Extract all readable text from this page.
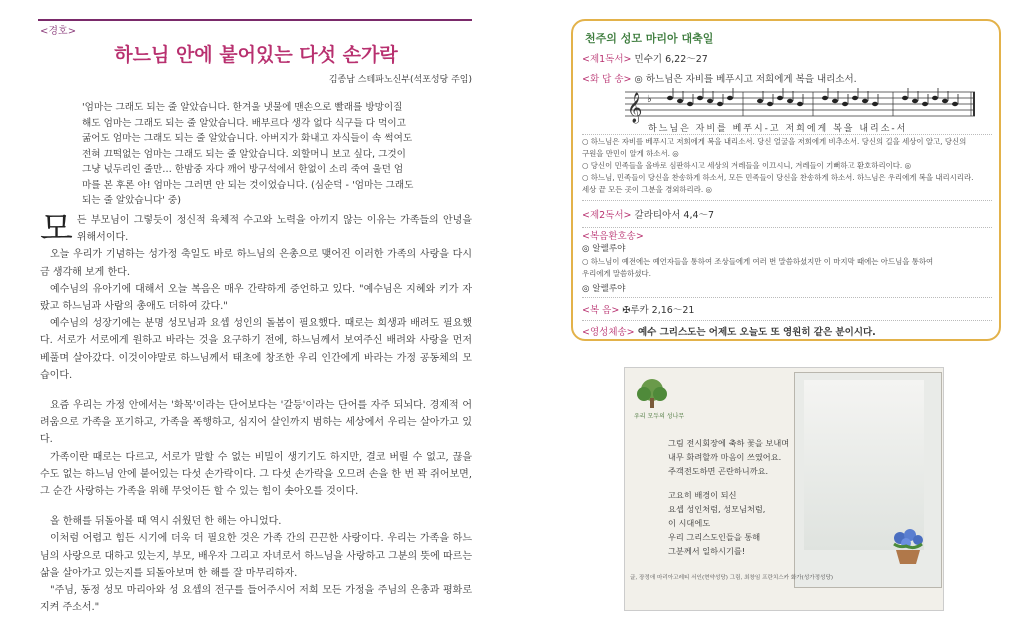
<경호>
하느님 안에 붙어있는 다섯 손가락
김종남 스테파노신부(석포성당 주임)
'엄마는 그래도 되는 줄 알았습니다. 한겨울 냇물에 맨손으로 빨래를 방망이질
해도 엄마는 그래도 되는 줄 알았습니다. 배부르다 생각 없다 식구들 다 먹이고
굶어도 엄마는 그래도 되는 줄 알았습니다. 아버지가 화내고 자식들이 속 썩여도
전혀 끄떡없는 엄마는 그래도 되는 줄 알았습니다. 외할머니 보고 싶다, 그것이
그냥 넋두리인 줄만… 한밤중 자다 깨어 방구석에서 한없이 소리 죽여 울던 엄
마를 본 후론 아! 엄마는 그러면 안 되는 것이었습니다. (심순덕 - '엄마는 그래도
되는 줄 알았습니다' 중)
모 든 부모님이 그렇듯이 정신적 육체적 수고와 노력을 아끼지 않는 이유는 가족들의 안녕을 위해서이다.

오늘 우리가 기념하는 성가정 축일도 바로 하느님의 은총으로 맺어진 이러한 가족의 사랑을 다시금 생각해 보게 한다.

예수님의 유아기에 대해서 오늘 복음은 매우 간략하게 증언하고 있다. "예수님은 지혜와 키가 자랐고 하느님과 사람의 총애도 더하여 갔다."

예수님의 성장기에는 분명 성모님과 요셉 성인의 돌봄이 필요했다. 때로는 희생과 배려도 필요했다. 서로가 서로에게 원하고 바라는 것을 요구하기 전에, 하느님께서 보여주신 배려와 사랑을 먼저 베풀며 살아갔다. 이것이야말로 하느님께서 태초에 창조한 우리 인간에게 바라는 가정 공동체의 모습이다.

요즘 우리는 가정 안에서는 '화목'이라는 단어보다는 '갈등'이라는 단어를 자주 되뇌다. 경제적 어려움으로 가족을 포기하고, 가족을 폭행하고, 심지어 살인까지 범하는 세상에서 우리는 살아가고 있다.

가족이란 때로는 다르고, 서로가 말할 수 없는 비밀이 생기기도 하지만, 결코 버릴 수 없고, 끊을 수도 없는 하느님 안에 붙어있는 다섯 손가락이다. 그 다섯 손가락을 오므려 손을 한 번 꽉 쥐어보면, 그 순간 사랑하는 가족을 위해 무엇이든 할 수 있는 힘이 솟아오를 것이다.

올 한해를 뒤돌아볼 때 역시 쉬웠던 한 해는 아니었다.

이처럼 어렵고 힘든 시기에 더욱 더 필요한 것은 가족 간의 끈끈한 사랑이다. 우리는 가족을 하느님의 사랑으로 대하고 있는지, 부모, 배우자 그리고 자녀로서 하느님을 사랑하고 그분의 뜻에 따르는 삶을 살아가고 있는지를 되돌아보며 한 해를 잘 마무리하자.

"주님, 동정 성모 마리아와 성 요셉의 전구를 들어주시어 저희 모든 가정을 주님의 은총과 평화로 지켜 주소서."

천주의 성모 마리아 대축일
<제1독서> 민수기 6,22～27
<화 답 송> ◎ 하느님은 자비를 베푸시고 저희에게 복을 내리소서.
𝄞 ♭
하느님은 자비를 베푸시-고 저희에게 복을 내리소-서
○ 하느님은 자비를 베푸시고 저희에게 복을 내리소서. 당신 얼굴을 저희에게 비추소서. 당신의 길을 세상이 알고, 당신의
구원을 만민이 알게 하소서. ◎
○ 당신이 민족들을 올바로 심판하시고 세상의 겨레들을 이끄시니, 겨레들이 기뻐하고 환호하리이다. ◎
○ 하느님, 민족들이 당신을 찬송하게 하소서, 모든 민족들이 당신을 찬송하게 하소서. 하느님은 우리에게 복을 내리시리라.
세상 끝 모든 곳이 그분을 경외하리라. ◎
<제2독서> 갈라티아서 4,4～7
<복음환호송>
◎ 알렐루야
○ 하느님이 예전에는 예언자들을 통하여 조상들에게 여러 번 말씀하셨지만 이 마지막 때에는 아드님을 통하여
우리에게 말씀하셨다.
◎ 알렐루야
<복 음> ✠루카 2,16～21
<영성체송> 예수 그리스도는 어제도 오늘도 또 영원히 같은 분이시다.
우리 모두의 성나무
그림 전시회장에 축하 꽃을 보내며
내무 화려할까 마음이 쓰였어요.
주객전도하면 곤란하니까요.
고요히 배경이 되신
요셉 성인처럼, 성모님처럼,
이 시대에도
우리 그리스도인들을 통해
그분께서 일하시기를!
글, 장정애 마리아고레티 서인(현약성당) 그림, 최창임 프란치스카 화가(성가정성당)
